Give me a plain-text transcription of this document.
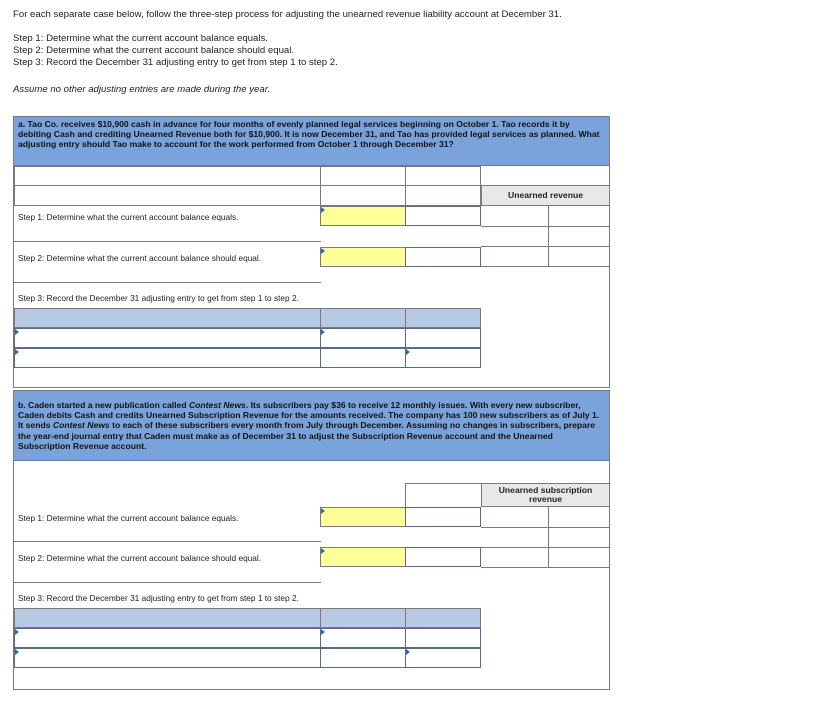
For each separate case below, follow the three-step process for adjusting the unearned revenue liability account at December 31.
Step 1: Determine what the current account balance equals.
Step 2: Determine what the current account balance should equal.
Step 3: Record the December 31 adjusting entry to get from step 1 to step 2.
Assume no other adjusting entries are made during the year.
a. Tao Co. receives $10,900 cash in advance for four months of evenly planned legal services beginning on October 1. Tao records it by debiting Cash and crediting Unearned Revenue both for $10,900. It is now December 31, and Tao has provided legal services as planned. What adjusting entry should Tao make to account for the work performed from October 1 through December 31?
Unearned revenue
Step 1: Determine what the current account balance equals.
Step 2: Determine what the current account balance should equal.
Step 3: Record the December 31 adjusting entry to get from step 1 to step 2.
b. Caden started a new publication called Contest News. Its subscribers pay $36 to receive 12 monthly issues. With every new subscriber, Caden debits Cash and credits Unearned Subscription Revenue for the amounts received. The company has 100 new subscribers as of July 1. It sends Contest News to each of these subscribers every month from July through December. Assuming no changes in subscribers, prepare the year-end journal entry that Caden must make as of December 31 to adjust the Subscription Revenue account and the Unearned Subscription Revenue account.
Unearned subscription revenue
Step 1: Determine what the current account balance equals.
Step 2: Determine what the current account balance should equal.
Step 3: Record the December 31 adjusting entry to get from step 1 to step 2.
